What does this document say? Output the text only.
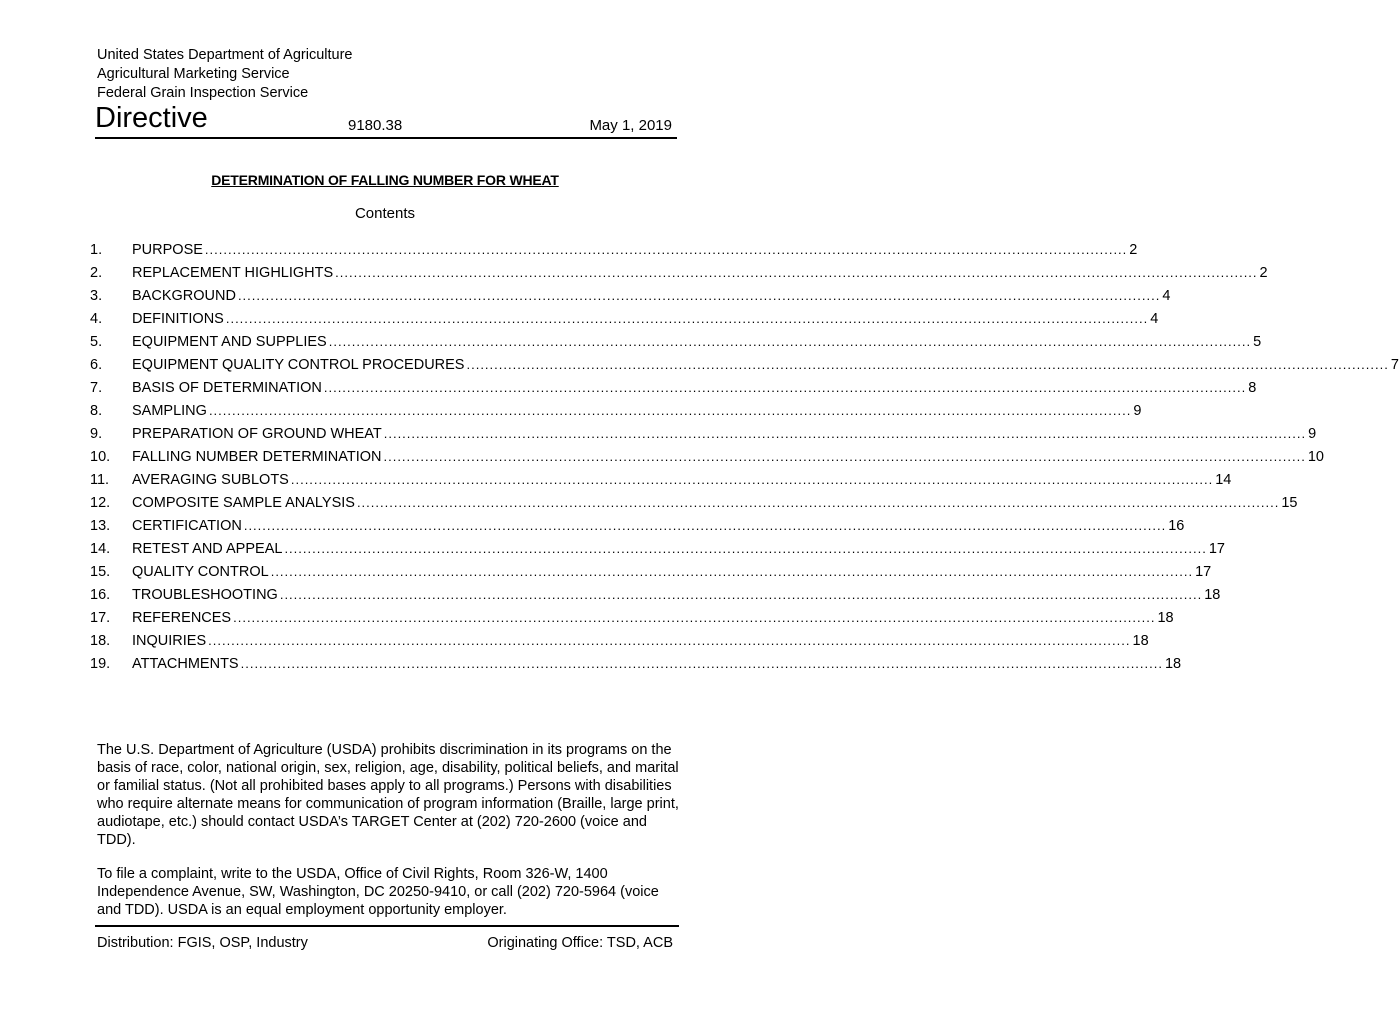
United States Department of Agriculture
Agricultural Marketing Service
Federal Grain Inspection Service
Directive	9180.38	May 1, 2019
DETERMINATION OF FALLING NUMBER FOR WHEAT
Contents
1.	PURPOSE ........................................................................................................................................................................................................ 2
2.	REPLACEMENT HIGHLIGHTS ........................................................................................................................................................................................................ 2
3.	BACKGROUND ........................................................................................................................................................................................................ 4
4.	DEFINITIONS ........................................................................................................................................................................................................ 4
5.	EQUIPMENT AND SUPPLIES ........................................................................................................................................................................................................ 5
6.	EQUIPMENT QUALITY CONTROL PROCEDURES ........................................................................................................................................................................................................ 7
7.	BASIS OF DETERMINATION ........................................................................................................................................................................................................ 8
8.	SAMPLING ........................................................................................................................................................................................................ 9
9.	PREPARATION OF GROUND WHEAT ........................................................................................................................................................................................................ 9
10.	FALLING NUMBER DETERMINATION ........................................................................................................................................................................................................ 10
11.	AVERAGING SUBLOTS ........................................................................................................................................................................................................ 14
12.	COMPOSITE SAMPLE ANALYSIS ........................................................................................................................................................................................................ 15
13.	CERTIFICATION ........................................................................................................................................................................................................ 16
14.	RETEST AND APPEAL ........................................................................................................................................................................................................ 17
15.	QUALITY CONTROL ........................................................................................................................................................................................................ 17
16.	TROUBLESHOOTING ........................................................................................................................................................................................................ 18
17.	REFERENCES ........................................................................................................................................................................................................ 18
18.	INQUIRIES ........................................................................................................................................................................................................ 18
19.	ATTACHMENTS ........................................................................................................................................................................................................ 18

The U.S. Department of Agriculture (USDA) prohibits discrimination in its programs on the basis of race, color, national origin, sex, religion, age, disability, political beliefs, and marital or familial status. (Not all prohibited bases apply to all programs.) Persons with disabilities who require alternate means for communication of program information (Braille, large print, audiotape, etc.) should contact USDA’s TARGET Center at (202) 720-2600 (voice and TDD).

To file a complaint, write to the USDA, Office of Civil Rights, Room 326-W, 1400 Independence Avenue, SW, Washington, DC 20250-9410, or call (202) 720-5964 (voice and TDD). USDA is an equal employment opportunity employer.

Distribution: FGIS, OSP, Industry	Originating Office: TSD, ACB
